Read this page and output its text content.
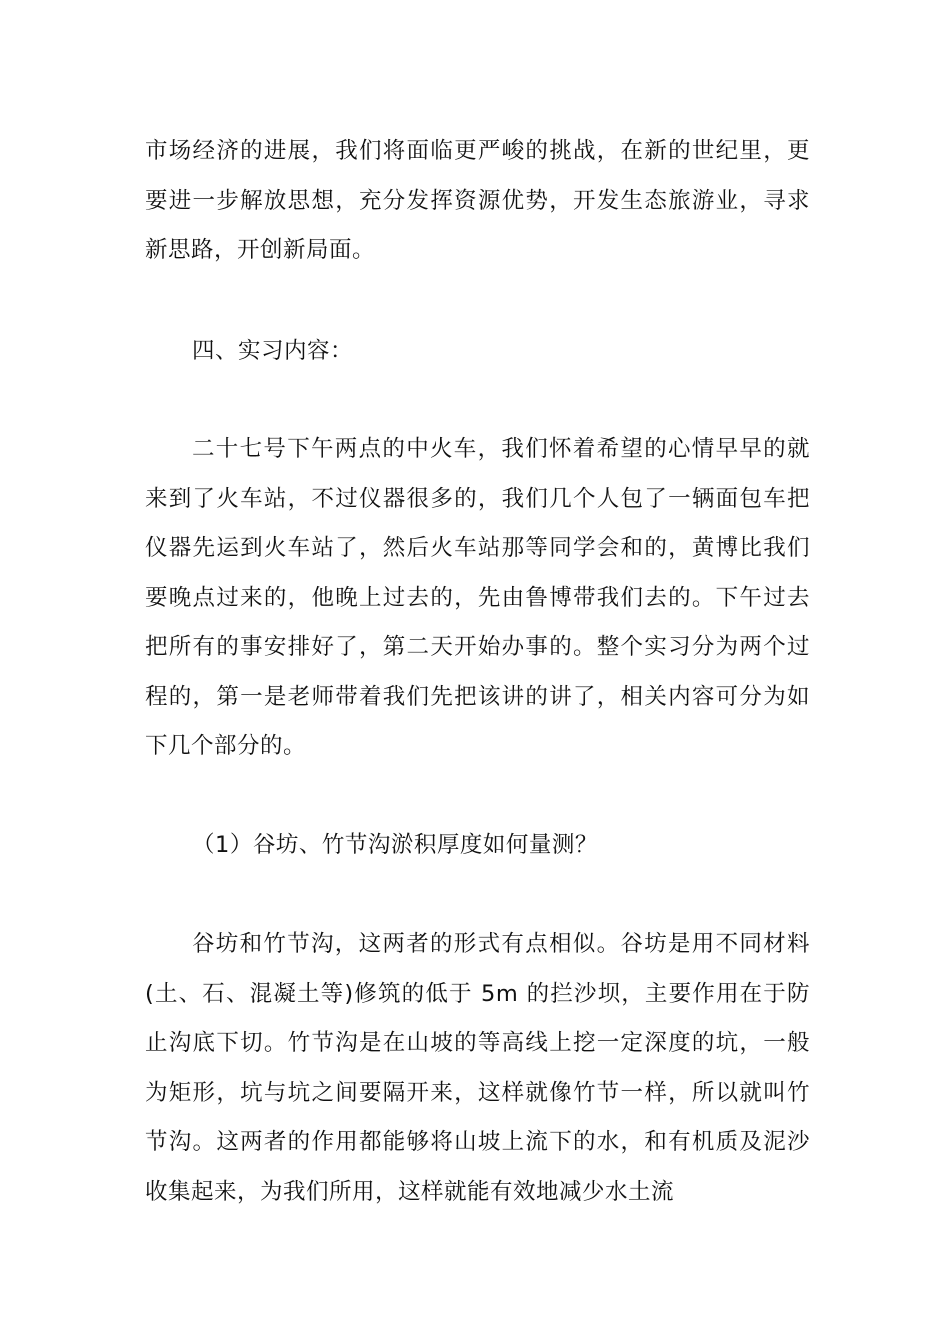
市场经济的进展，我们将面临更严峻的挑战，在新的世纪里，更要进一步解放思想，充分发挥资源优势，开发生态旅游业，寻求新思路，开创新局面。

四、实习内容：

二十七号下午两点的中火车，我们怀着希望的心情早早的就来到了火车站，不过仪器很多的，我们几个人包了一辆面包车把仪器先运到火车站了，然后火车站那等同学会和的，黄博比我们要晚点过来的，他晚上过去的，先由鲁博带我们去的。下午过去把所有的事安排好了，第二天开始办事的。整个实习分为两个过程的，第一是老师带着我们先把该讲的讲了，相关内容可分为如下几个部分的。

（1）谷坊、竹节沟淤积厚度如何量测？

谷坊和竹节沟，这两者的形式有点相似。谷坊是用不同材料(土、石、混凝土等)修筑的低于 5m 的拦沙坝，主要作用在于防止沟底下切。竹节沟是在山坡的等高线上挖一定深度的坑，一般为矩形，坑与坑之间要隔开来，这样就像竹节一样，所以就叫竹节沟。这两者的作用都能够将山坡上流下的水，和有机质及泥沙收集起来，为我们所用，这样就能有效地减少水土流
